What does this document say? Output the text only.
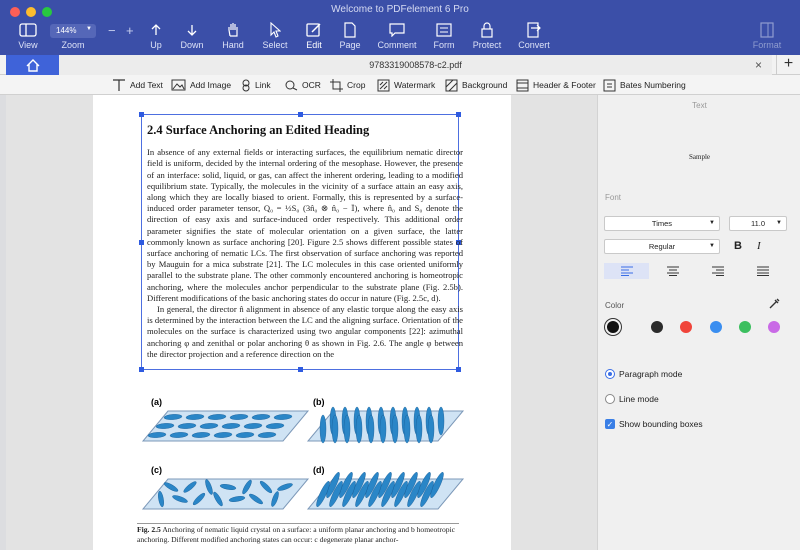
Welcome to PDFelement 6 Pro
View
144% ▼
Zoom
− +
Up	Down	Hand	Select	Edit	Page	Comment	Form	Protect	Convert	Format
9783319008578-c2.pdf	×	+
Add Text	Add Image	Link	OCR	Crop	Watermark	Background	Header & Footer	Bates Numbering
2.4 Surface Anchoring an Edited Heading

In absence of any external fields or interacting surfaces, the equilibrium nematic director field is uniform, decided by the internal ordering of the mesophase. However, the presence of an interface: solid, liquid, or gas, can affect the inherent ordering, leading to a modified equilibrium state. Typically, the molecules in the vicinity of a surface attain an easy axis, along which they are locally biased to orient. Formally, this is represented by a surface-induced order parameter tensor, Q₀ = ½S₀ (3n̂₀ ⊗ n̂₀ − 𝕀), where n̂₀ and S₀ denote the direction of easy axis and surface-induced order respectively. This additional order parameter signifies the state of molecular orientation on a given surface, the latter commonly known as surface anchoring [20]. Figure 2.5 shows different possible states of surface anchoring of nematic LCs. The first observation of surface anchoring was reported by Mauguin for a mica substrate [21]. The LC molecules in this case oriented uniformly parallel to the substrate plane. The other commonly encountered anchoring is homeotropic anchoring, where the molecules anchor perpendicular to the substrate plane (Fig. 2.5b). Different modifications of the basic anchoring states do occur in nature (Fig. 2.5c, d).

In general, the director n̂ alignment in absence of any elastic torque along the easy axis is determined by the interaction between the LC and the aligning surface. Orientation of the molecules on the surface is characterized using two angular components [22]: azimuthal anchoring φ and zenithal or polar anchoring θ as shown in Fig. 2.6. The angle φ between the director projection and a reference direction on the

(a)	(b)
(c)	(d)
Fig. 2.5 Anchoring of nematic liquid crystal on a surface: a uniform planar anchoring and b homeotropic anchoring. Different modified anchoring states can occur: c degenerate planar anchor-
Text
Sample
Font
Times	▼	11.0 ▼
Regular	▼ B I
Color
Paragraph mode
Line mode
✓ Show bounding boxes
